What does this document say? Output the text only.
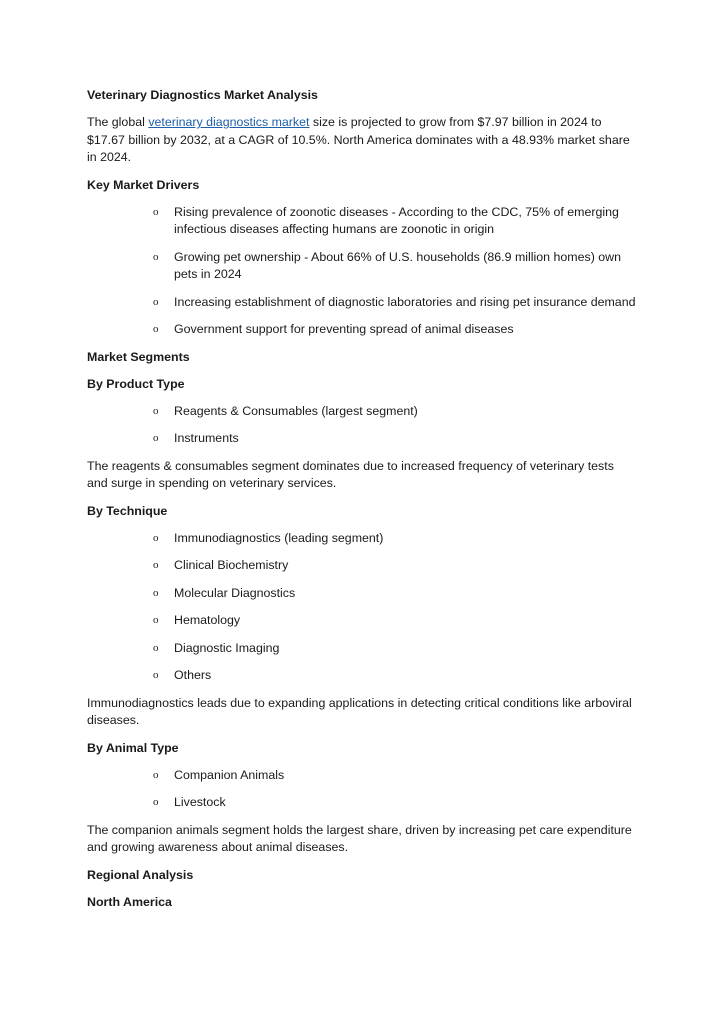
Veterinary Diagnostics Market Analysis

The global veterinary diagnostics market size is projected to grow from $7.97 billion in 2024 to $17.67 billion by 2032, at a CAGR of 10.5%. North America dominates with a 48.93% market share in 2024.

Key Market Drivers
o Rising prevalence of zoonotic diseases - According to the CDC, 75% of emerging infectious diseases affecting humans are zoonotic in origin
o Growing pet ownership - About 66% of U.S. households (86.9 million homes) own pets in 2024
o Increasing establishment of diagnostic laboratories and rising pet insurance demand
o Government support for preventing spread of animal diseases
Market Segments
By Product Type
o Reagents & Consumables (largest segment)
o Instruments

The reagents & consumables segment dominates due to increased frequency of veterinary tests and surge in spending on veterinary services.

By Technique
o Immunodiagnostics (leading segment)
o Clinical Biochemistry
o Molecular Diagnostics
o Hematology
o Diagnostic Imaging
o Others

Immunodiagnostics leads due to expanding applications in detecting critical conditions like arboviral diseases.

By Animal Type
o Companion Animals
o Livestock

The companion animals segment holds the largest share, driven by increasing pet care expenditure and growing awareness about animal diseases.

Regional Analysis
North America
